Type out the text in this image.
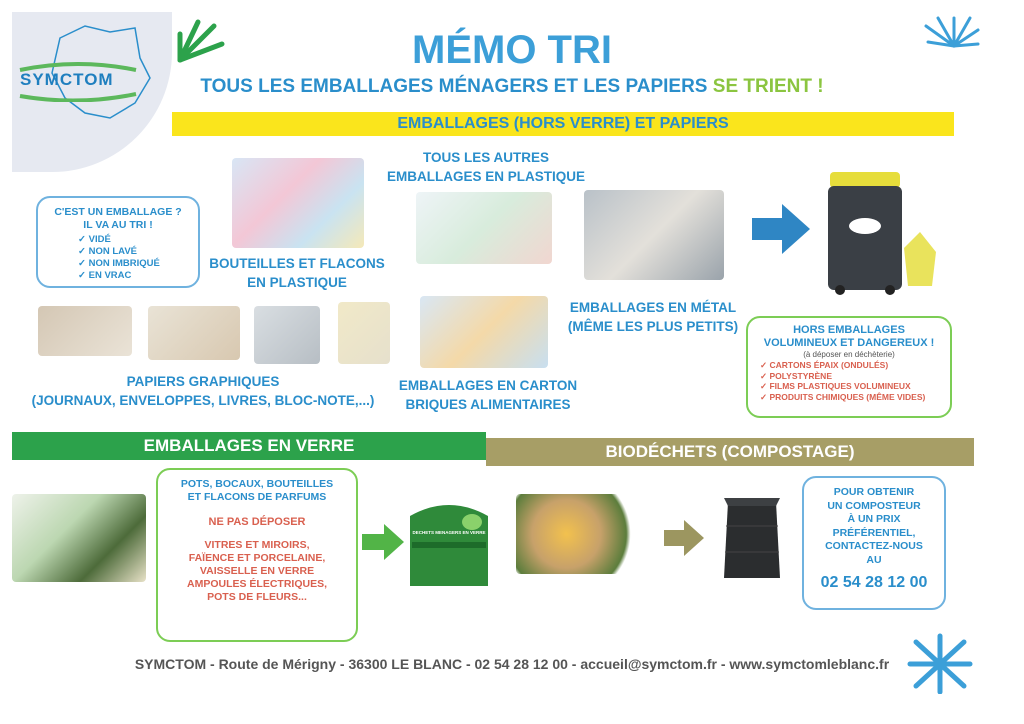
SYMCTOM
MÉMO TRI
TOUS LES EMBALLAGES MÉNAGERS ET LES PAPIERS SE TRIENT !
EMBALLAGES (HORS VERRE) ET PAPIERS
C'EST UN EMBALLAGE ?
IL VA AU TRI !
✓ VIDÉ
✓ NON LAVÉ
✓ NON IMBRIQUÉ
✓ EN VRAC
BOUTEILLES ET FLACONS
EN PLASTIQUE
TOUS LES AUTRES
EMBALLAGES EN PLASTIQUE
EMBALLAGES EN MÉTAL
(MÊME LES PLUS PETITS)
PAPIERS GRAPHIQUES
(JOURNAUX, ENVELOPPES, LIVRES, BLOC-NOTE,...)
EMBALLAGES EN CARTON
BRIQUES ALIMENTAIRES
HORS EMBALLAGES
VOLUMINEUX ET DANGEREUX !
(à déposer en déchèterie)
✓ CARTONS ÉPAIX (ONDULÉS)
✓ POLYSTYRÈNE
✓ FILMS PLASTIQUES VOLUMINEUX
✓ PRODUITS CHIMIQUES (MÊME VIDES)
EMBALLAGES EN VERRE	BIODÉCHETS (COMPOSTAGE)
POTS, BOCAUX, BOUTEILLES
ET FLACONS DE PARFUMS
NE PAS DÉPOSER
VITRES ET MIROIRS,
FAÏENCE ET PORCELAINE,
VAISSELLE EN VERRE
AMPOULES ÉLECTRIQUES,
POTS DE FLEURS...
DECHETS MENAGERS EN VERRE
POUR OBTENIR
UN COMPOSTEUR
À UN PRIX
PRÉFÉRENTIEL,
CONTACTEZ-NOUS
AU
02 54 28 12 00
SYMCTOM - Route de Mérigny - 36300 LE BLANC - 02 54 28 12 00 - accueil@symctom.fr - www.symctomleblanc.fr
